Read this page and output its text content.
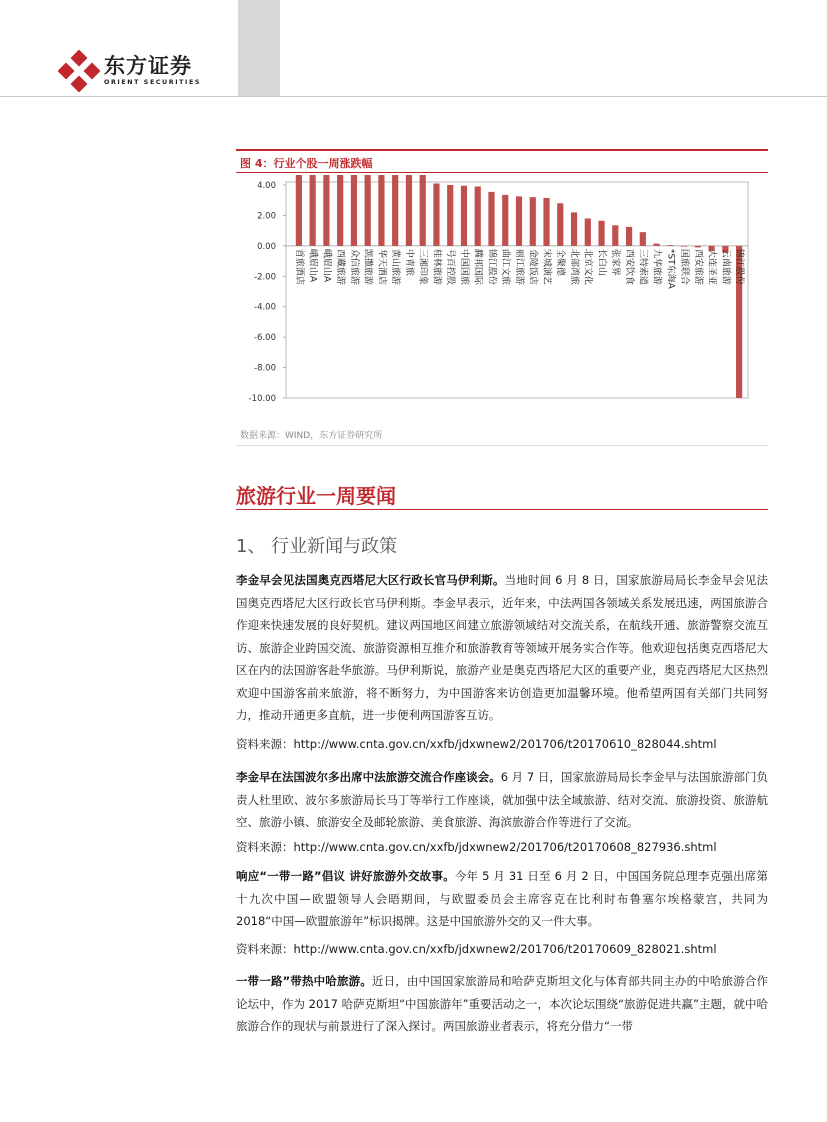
东方证券
ORIENT SECURITIES
图 4：行业个股一周涨跌幅
4.00
2.00
0.00
-2.00
-4.00
-6.00
-8.00
-10.00
首旅酒店 峨眉山A 峨眉山A 西藏旅游 众信旅游 凯撒旅游 华天酒店 黄山旅游 中青旅 三湘印象 桂林旅游 号百控股 中国国旅 腾邦国际 锦江股份 曲江文旅 丽江旅游 金陵饭店 宋城演艺 全聚德 北部湾旅 北京文化 长白山 张家界 西安饮食 三特索道 九华旅游 *ST东海A 国旅联合 西安旅游 大连圣亚 云南旅游 锦江股份
数据来源：WIND，东方证券研究所
旅游行业一周要闻
1、 行业新闻与政策

李金早会见法国奥克西塔尼大区行政长官马伊利斯。当地时间 6 月 8 日，国家旅游局局长李金早会见法国奥克西塔尼大区行政长官马伊利斯。李金早表示，近年来，中法两国各领域关系发展迅速，两国旅游合作迎来快速发展的良好契机。建议两国地区间建立旅游领域结对交流关系，在航线开通、旅游警察交流互访、旅游企业跨国交流、旅游资源相互推介和旅游教育等领域开展务实合作等。他欢迎包括奥克西塔尼大区在内的法国游客赴华旅游。马伊利斯说，旅游产业是奥克西塔尼大区的重要产业，奥克西塔尼大区热烈欢迎中国游客前来旅游，将不断努力，为中国游客来访创造更加温馨环境。他希望两国有关部门共同努力，推动开通更多直航，进一步便利两国游客互访。

资料来源：http://www.cnta.gov.cn/xxfb/jdxwnew2/201706/t20170610_828044.shtml

李金早在法国波尔多出席中法旅游交流合作座谈会。6 月 7 日，国家旅游局局长李金早与法国旅游部门负责人杜里欧、波尔多旅游局长马丁等举行工作座谈，就加强中法全域旅游、结对交流、旅游投资、旅游航空、旅游小镇、旅游安全及邮轮旅游、美食旅游、海滨旅游合作等进行了交流。

资料来源：http://www.cnta.gov.cn/xxfb/jdxwnew2/201706/t20170608_827936.shtml

响应“一带一路”倡议 讲好旅游外交故事。今年 5 月 31 日至 6 月 2 日，中国国务院总理李克强出席第十九次中国—欧盟领导人会晤期间，与欧盟委员会主席容克在比利时布鲁塞尔埃格蒙宫，共同为 2018“中国—欧盟旅游年”标识揭牌。这是中国旅游外交的又一件大事。

资料来源：http://www.cnta.gov.cn/xxfb/jdxwnew2/201706/t20170609_828021.shtml

一带一路”带热中哈旅游。近日，由中国国家旅游局和哈萨克斯坦文化与体育部共同主办的中哈旅游合作论坛中，作为 2017 哈萨克斯坦“中国旅游年”重要活动之一，本次论坛围绕“旅游促进共赢”主题，就中哈旅游合作的现状与前景进行了深入探讨。两国旅游业者表示，将充分借力“一带
